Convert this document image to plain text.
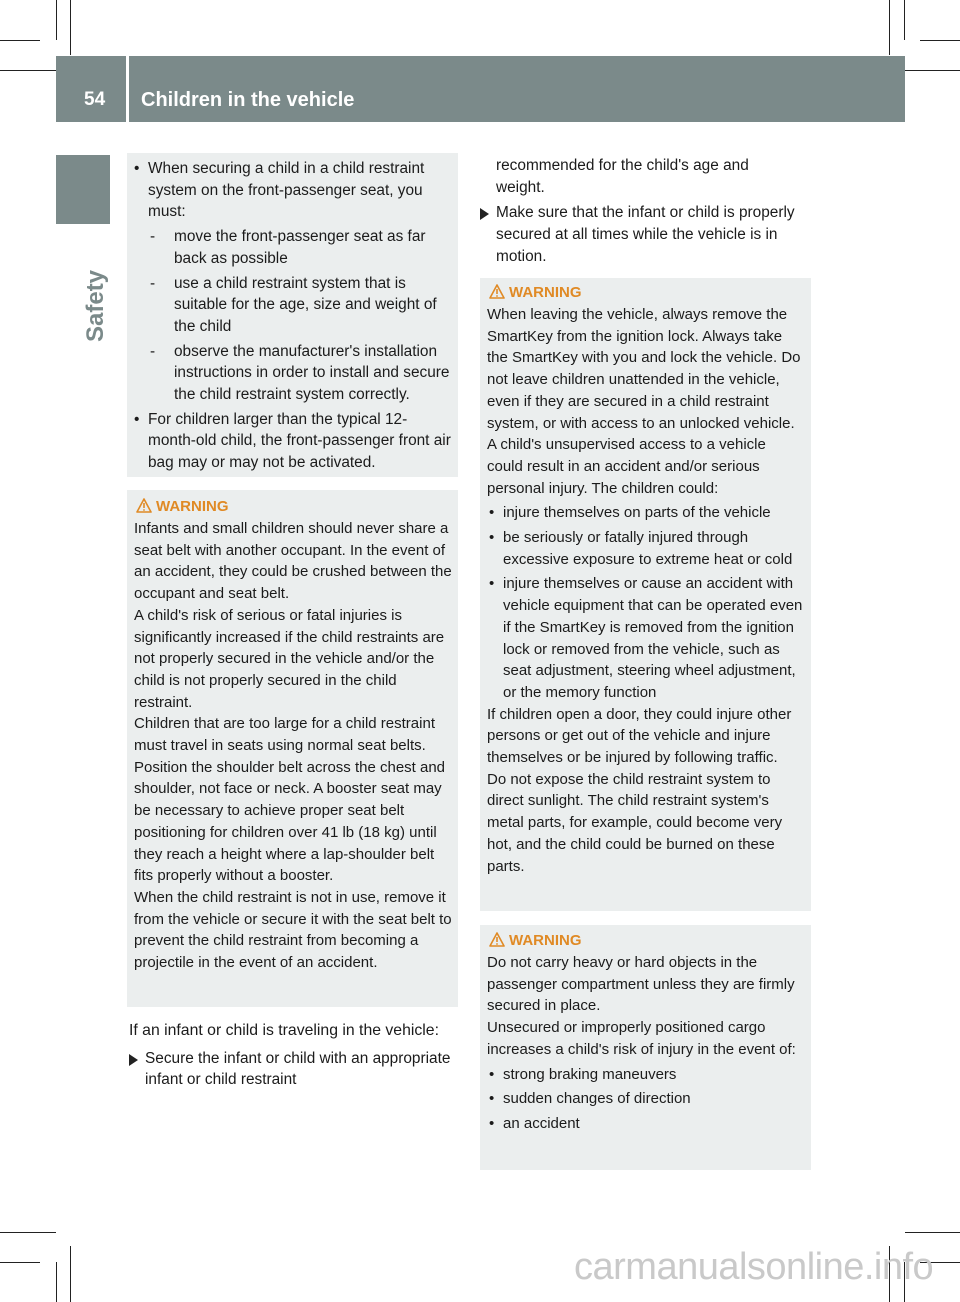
54 Children in the vehicle
Safety
• When securing a child in a child restraint system on the front-passenger seat, you must:
- move the front-passenger seat as far back as possible
- use a child restraint system that is suitable for the age, size and weight of the child
- observe the manufacturer's installation instructions in order to install and secure the child restraint system correctly.
• For children larger than the typical 12-month-old child, the front-passenger front air bag may or may not be activated.
WARNING

Infants and small children should never share a seat belt with another occupant. In the event of an accident, they could be crushed between the occupant and seat belt.

A child's risk of serious or fatal injuries is significantly increased if the child restraints are not properly secured in the vehicle and/or the child is not properly secured in the child restraint.

Children that are too large for a child restraint must travel in seats using normal seat belts. Position the shoulder belt across the chest and shoulder, not face or neck. A booster seat may be necessary to achieve proper seat belt positioning for children over 41 lb (18 kg) until they reach a height where a lap-shoulder belt fits properly without a booster.

When the child restraint is not in use, remove it from the vehicle or secure it with the seat belt to prevent the child restraint from becoming a projectile in the event of an accident.

If an infant or child is traveling in the vehicle:

Secure the infant or child with an appropriate infant or child restraint

recommended for the child's age and weight.

Make sure that the infant or child is properly secured at all times while the vehicle is in motion.
WARNING

When leaving the vehicle, always remove the SmartKey from the ignition lock. Always take the SmartKey with you and lock the vehicle. Do not leave children unattended in the vehicle, even if they are secured in a child restraint system, or with access to an unlocked vehicle. A child's unsupervised access to a vehicle could result in an accident and/or serious personal injury. The children could:

• injure themselves on parts of the vehicle
• be seriously or fatally injured through excessive exposure to extreme heat or cold
• injure themselves or cause an accident with vehicle equipment that can be operated even if the SmartKey is removed from the ignition lock or removed from the vehicle, such as seat adjustment, steering wheel adjustment, or the memory function

If children open a door, they could injure other persons or get out of the vehicle and injure themselves or be injured by following traffic.

Do not expose the child restraint system to direct sunlight. The child restraint system's metal parts, for example, could become very hot, and the child could be burned on these parts.

WARNING

Do not carry heavy or hard objects in the passenger compartment unless they are firmly secured in place.

Unsecured or improperly positioned cargo increases a child's risk of injury in the event of:

• strong braking maneuvers
• sudden changes of direction
• an accident
carmanualsonline.info
